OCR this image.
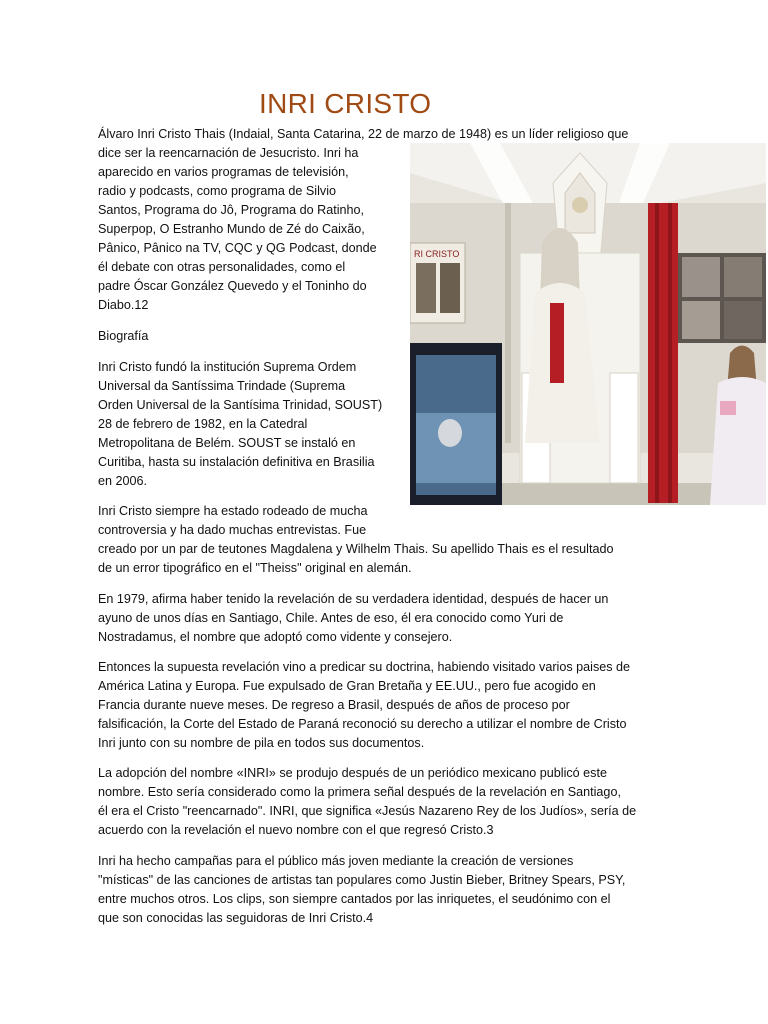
INRI CRISTO

Álvaro Inri Cristo Thais (Indaial, Santa Catarina, 22 de marzo de 1948) es un líder religioso que

dice ser la reencarnación de Jesucristo. Inri ha

aparecido en varios programas de televisión,

radio y podcasts, como programa de Silvio

Santos, Programa do Jô, Programa do Ratinho,

Superpop, O Estranho Mundo de Zé do Caixão,

Pânico, Pânico na TV, CQC y QG Podcast, donde

él debate con otras personalidades, como el

padre Óscar González Quevedo y el Toninho do

Diabo.12

Biografía

Inri Cristo fundó la institución Suprema Ordem

Universal da Santíssima Trindade (Suprema

Orden Universal de la Santísima Trinidad, SOUST)

28 de febrero de 1982, en la Catedral

Metropolitana de Belém. SOUST se instaló en

Curitiba, hasta su instalación definitiva en Brasilia

en 2006.

Inri Cristo siempre ha estado rodeado de mucha

controversia y ha dado muchas entrevistas. Fue

creado por un par de teutones Magdalena y Wilhelm Thais. Su apellido Thais es el resultado

de un error tipográfico en el "Theiss" original en alemán.

En 1979, afirma haber tenido la revelación de su verdadera identidad, después de hacer un

ayuno de unos días en Santiago, Chile. Antes de eso, él era conocido como Yuri de

Nostradamus, el nombre que adoptó como vidente y consejero.

Entonces la supuesta revelación vino a predicar su doctrina, habiendo visitado varios paises de

América Latina y Europa. Fue expulsado de Gran Bretaña y EE.UU., pero fue acogido en

Francia durante nueve meses. De regreso a Brasil, después de años de proceso por

falsificación, la Corte del Estado de Paraná reconoció su derecho a utilizar el nombre de Cristo

Inri junto con su nombre de pila en todos sus documentos.

La adopción del nombre «INRI» se produjo después de un periódico mexicano publicó este

nombre. Esto sería considerado como la primera señal después de la revelación en Santiago,

él era el Cristo "reencarnado". INRI, que significa «Jesús Nazareno Rey de los Judíos», sería de

acuerdo con la revelación el nuevo nombre con el que regresó Cristo.3

Inri ha hecho campañas para el público más joven mediante la creación de versiones

"místicas" de las canciones de artistas tan populares como Justin Bieber, Britney Spears, PSY,

entre muchos otros. Los clips, son siempre cantados por las inriquetes, el seudónimo con el

que son conocidas las seguidoras de Inri Cristo.4

RI CRISTO
